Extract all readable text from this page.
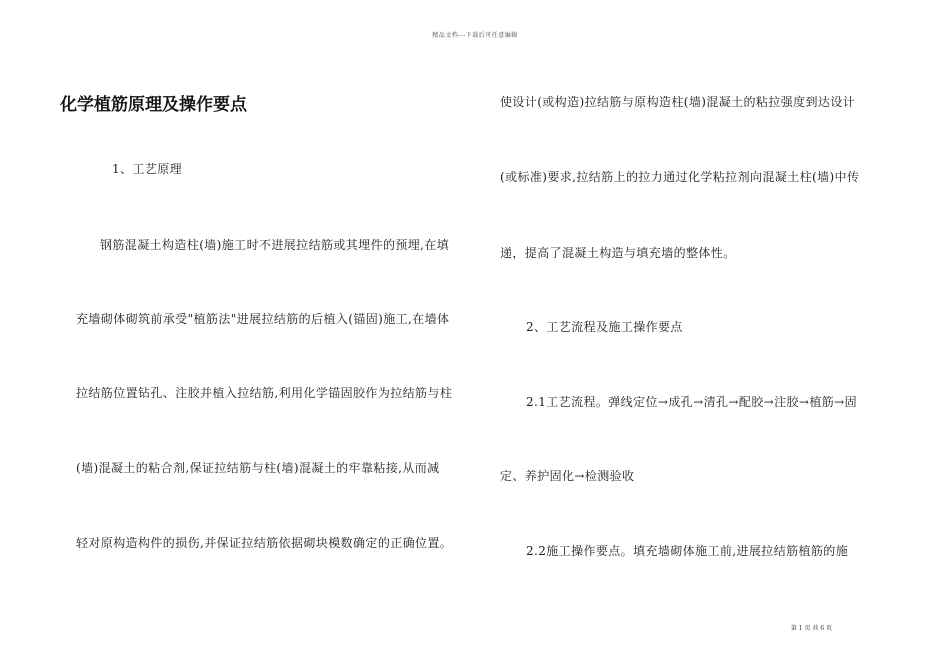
精品文档---下载后可任意编辑
化学植筋原理及操作要点
1、工艺原理
钢筋混凝土构造柱(墙)施工时不进展拉结筋或其埋件的预埋,在填
充墙砌体砌筑前承受"植筋法"进展拉结筋的后植入(锚固)施工,在墙体
拉结筋位置钻孔、注胶并植入拉结筋,利用化学锚固胶作为拉结筋与柱
(墙)混凝土的粘合剂,保证拉结筋与柱(墙)混凝土的牢靠粘接,从而减
轻对原构造构件的损伤,并保证拉结筋依据砌块模数确定的正确位置。
使设计(或构造)拉结筋与原构造柱(墙)混凝土的粘拉强度到达设计
(或标准)要求,拉结筋上的拉力通过化学粘拉剂向混凝土柱(墙)中传
递，提高了混凝土构造与填充墙的整体性。
2、工艺流程及施工操作要点
2.1工艺流程。弹线定位→成孔→清孔→配胶→注胶→植筋→固
定、养护固化→检测验收
2.2施工操作要点。填充墙砌体施工前,进展拉结筋植筋的施
第 1 页 共 6 页
